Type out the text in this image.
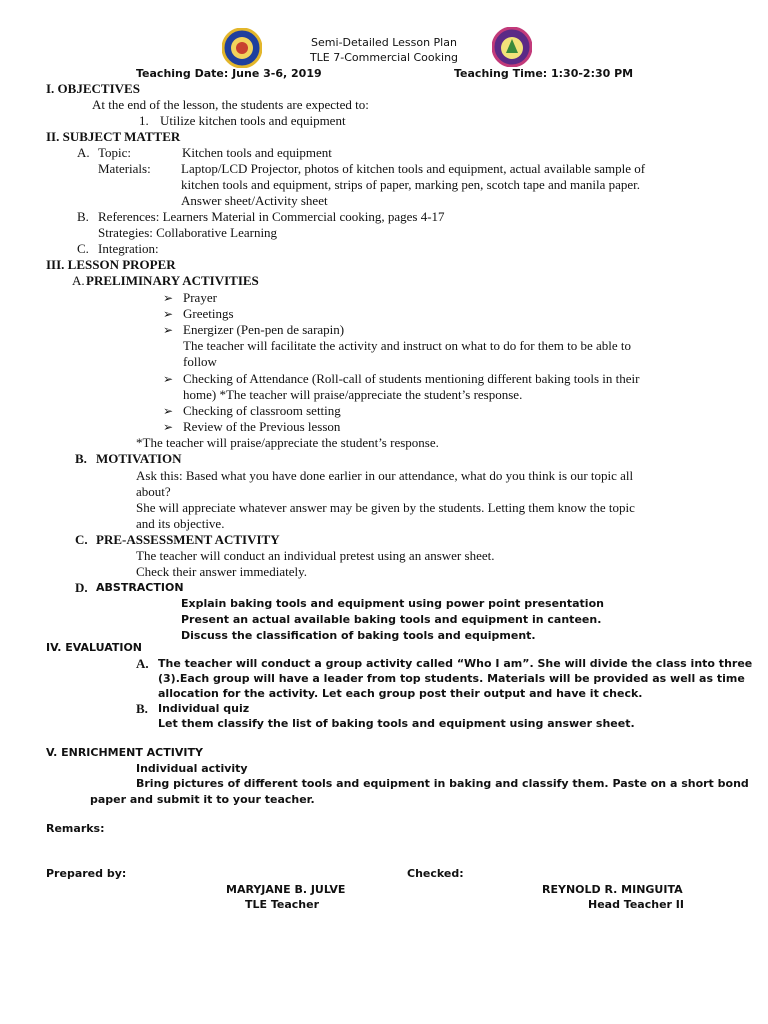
Semi-Detailed Lesson Plan
TLE 7-Commercial Cooking
Teaching Date: June 3-6, 2019	Teaching Time: 1:30-2:30 PM
I. OBJECTIVES
At the end of the lesson, the students are expected to:
1. Utilize kitchen tools and equipment
II. SUBJECT MATTER
A. Topic:	Kitchen tools and equipment
Materials: Laptop/LCD Projector, photos of kitchen tools and equipment, actual available sample of
kitchen tools and equipment, strips of paper, marking pen, scotch tape and manila paper.
Answer sheet/Activity sheet
B. References: Learners Material in Commercial cooking, pages 4-17
Strategies: Collaborative Learning
C. Integration:
III. LESSON PROPER
A. PRELIMINARY ACTIVITIES
➢ Prayer
➢ Greetings
➢ Energizer (Pen-pen de sarapin)
The teacher will facilitate the activity and instruct on what to do for them to be able to
follow
➢ Checking of Attendance (Roll-call of students mentioning different baking tools in their
home) *The teacher will praise/appreciate the student’s response.
➢ Checking of classroom setting
➢ Review of the Previous lesson
*The teacher will praise/appreciate the student’s response.
B. MOTIVATION
Ask this: Based what you have done earlier in our attendance, what do you think is our topic all
about?
She will appreciate whatever answer may be given by the students. Letting them know the topic
and its objective.
C. PRE-ASSESSMENT ACTIVITY
The teacher will conduct an individual pretest using an answer sheet.
Check their answer immediately.
D. ABSTRACTION
Explain baking tools and equipment using power point presentation
Present an actual available baking tools and equipment in canteen.
Discuss the classification of baking tools and equipment.
IV. EVALUATION
A. The teacher will conduct a group activity called “Who I am”. She will divide the class into three
(3).Each group will have a leader from top students. Materials will be provided as well as time
allocation for the activity. Let each group post their output and have it check.
B. Individual quiz
Let them classify the list of baking tools and equipment using answer sheet.
V. ENRICHMENT ACTIVITY
Individual activity
Bring pictures of different tools and equipment in baking and classify them. Paste on a short bond
paper and submit it to your teacher.
Remarks:
Prepared by:	Checked:
MARYJANE B. JULVE
TLE Teacher
REYNOLD R. MINGUITA
Head Teacher II
